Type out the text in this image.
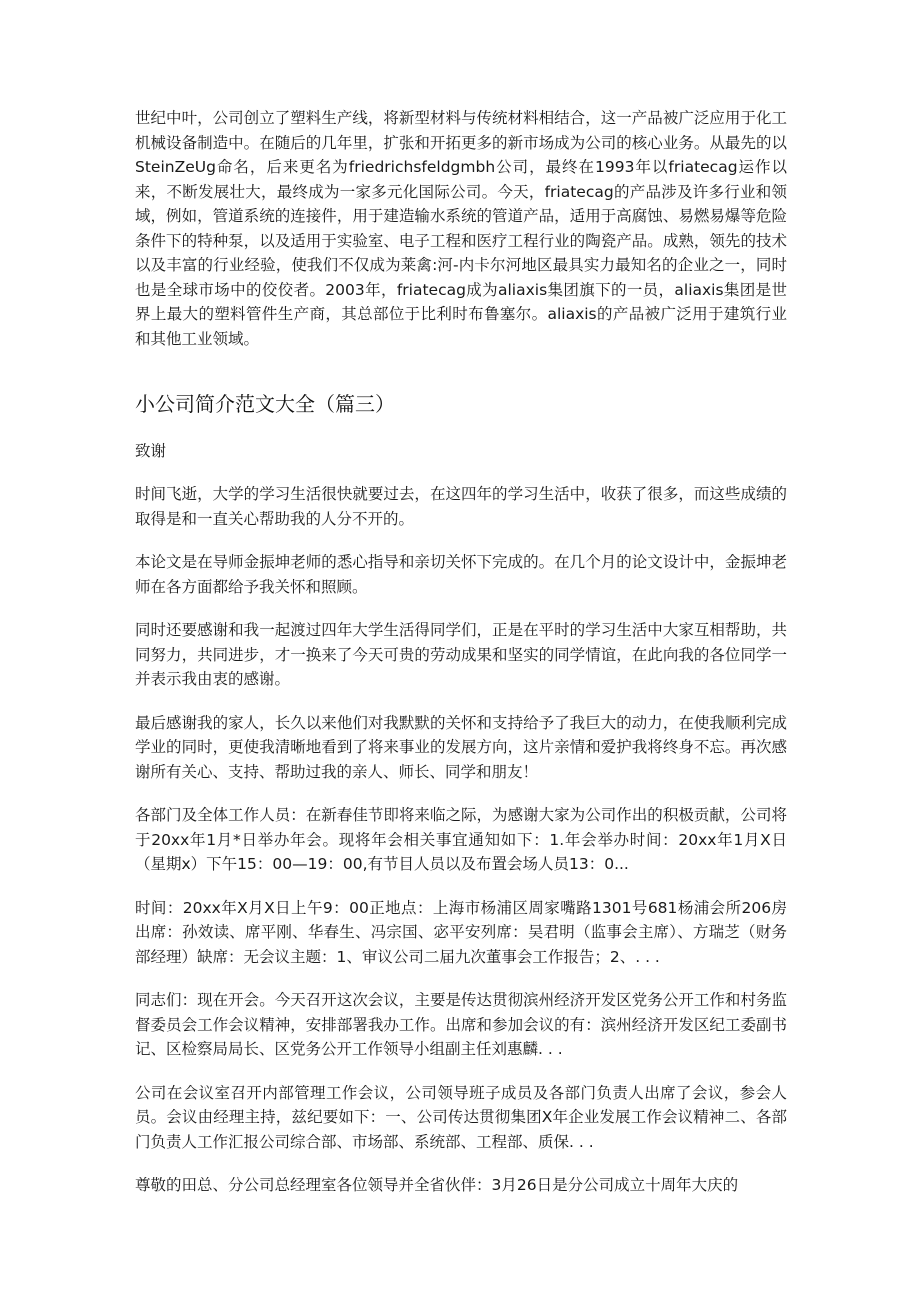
世纪中叶，公司创立了塑料生产线，将新型材料与传统材料相结合，这一产品被广泛应用于化工机械设备制造中。在随后的几年里，扩张和开拓更多的新市场成为公司的核心业务。从最先的以SteinZeUg命名，后来更名为friedrichsfeldgmbh公司，最终在1993年以friatecag运作以来，不断发展壮大，最终成为一家多元化国际公司。今天，friatecag的产品涉及许多行业和领域，例如，管道系统的连接件，用于建造输水系统的管道产品，适用于高腐蚀、易燃易爆等危险条件下的特种泵，以及适用于实验室、电子工程和医疗工程行业的陶瓷产品。成熟，领先的技术以及丰富的行业经验，使我们不仅成为莱禽:河-内卡尔河地区最具实力最知名的企业之一，同时也是全球市场中的佼佼者。2003年，friatecag成为aliaxis集团旗下的一员，aliaxis集团是世界上最大的塑料管件生产商，其总部位于比利时布鲁塞尔。aliaxis的产品被广泛用于建筑行业和其他工业领域。

小公司简介范文大全（篇三）

致谢

时间飞逝，大学的学习生活很快就要过去，在这四年的学习生活中，收获了很多，而这些成绩的取得是和一直关心帮助我的人分不开的。

本论文是在导师金振坤老师的悉心指导和亲切关怀下完成的。在几个月的论文设计中，金振坤老师在各方面都给予我关怀和照顾。

同时还要感谢和我一起渡过四年大学生活得同学们，正是在平时的学习生活中大家互相帮助，共同努力，共同进步，才一换来了今天可贵的劳动成果和坚实的同学情谊，在此向我的各位同学一并表示我由衷的感谢。

最后感谢我的家人，长久以来他们对我默默的关怀和支持给予了我巨大的动力，在使我顺利完成学业的同时，更使我清晰地看到了将来事业的发展方向，这片亲情和爱护我将终身不忘。再次感谢所有关心、支持、帮助过我的亲人、师长、同学和朋友！

各部门及全体工作人员：在新春佳节即将来临之际，为感谢大家为公司作出的积极贡献，公司将于20xx年1月*日举办年会。现将年会相关事宜通知如下：1.年会举办时间：20xx年1月X日（星期x）下午15：00—19：00,有节目人员以及布置会场人员13：0...

时间：20xx年X月X日上午9：00正地点：上海市杨浦区周家嘴路1301号681杨浦会所206房出席：孙效读、席平刚、华春生、冯宗国、宓平安列席：吴君明（监事会主席）、方瑞芝（财务部经理）缺席：无会议主题：1、审议公司二届九次董事会工作报告；2、. . .

同志们：现在开会。今天召开这次会议，主要是传达贯彻滨州经济开发区党务公开工作和村务监督委员会工作会议精神，安排部署我办工作。出席和参加会议的有：滨州经济开发区纪工委副书记、区检察局局长、区党务公开工作领导小组副主任刘惠麟. . .

公司在会议室召开内部管理工作会议，公司领导班子成员及各部门负责人出席了会议，参会人员。会议由经理主持，兹纪要如下：一、公司传达贯彻集团X年企业发展工作会议精神二、各部门负责人工作汇报公司综合部、市场部、系统部、工程部、质保. . .

尊敬的田总、分公司总经理室各位领导并全省伙伴：3月26日是分公司成立十周年大庆的
